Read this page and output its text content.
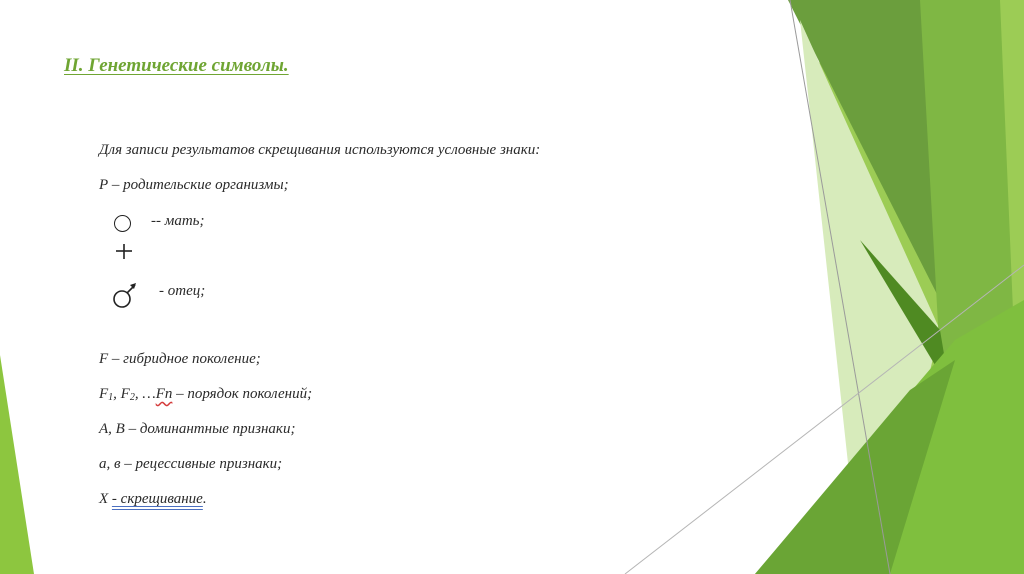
II. Генетические символы.
Для записи результатов скрещивания используются условные знаки:
Р – родительские организмы;
-- мать;
- отец;
F – гибридное поколение;
$F_1$, $F_2$, …Fn – порядок поколений;
А, В – доминантные признаки;
а, в – рецессивные признаки;
Х - скрещивание.
